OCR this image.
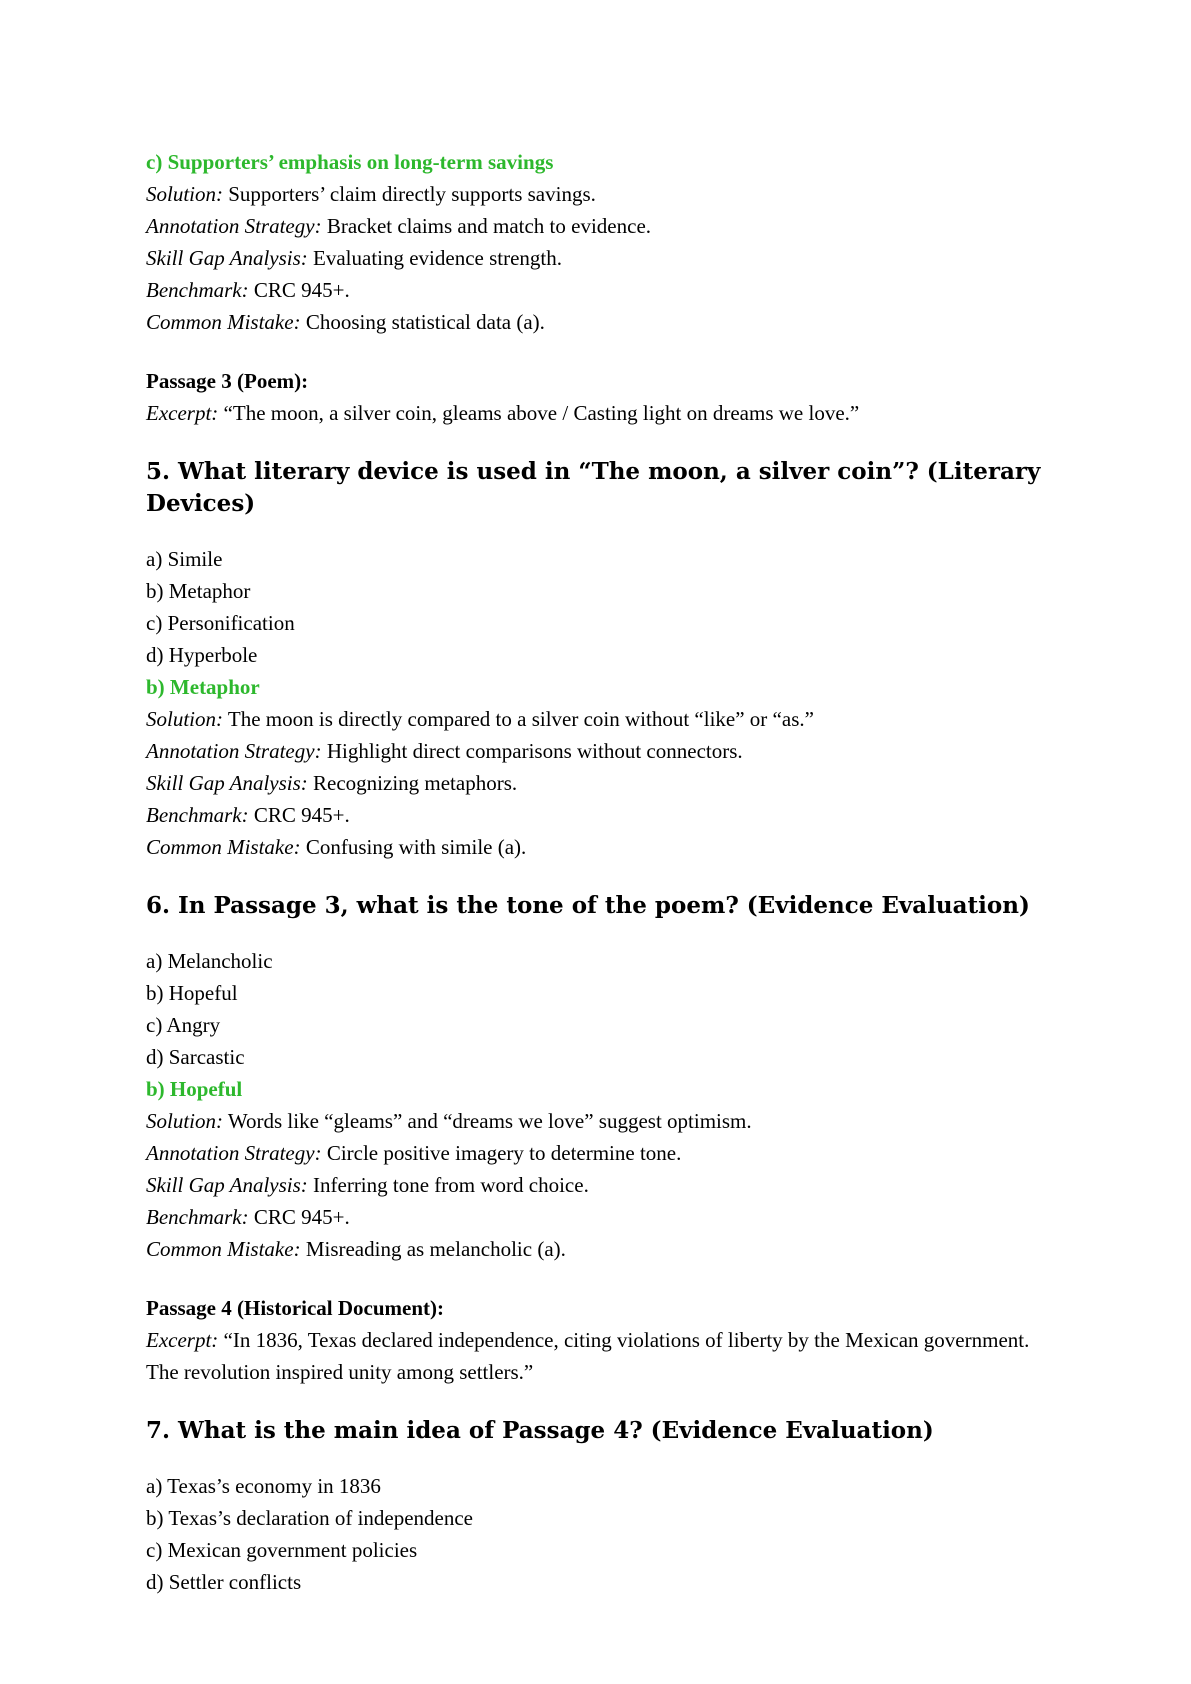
c) Supporters’ emphasis on long-term savings

Solution: Supporters’ claim directly supports savings.

Annotation Strategy: Bracket claims and match to evidence.

Skill Gap Analysis: Evaluating evidence strength.

Benchmark: CRC 945+.

Common Mistake: Choosing statistical data (a).

Passage 3 (Poem):

Excerpt: “The moon, a silver coin, gleams above / Casting light on dreams we love.”

5. What literary device is used in “The moon, a silver coin”? (Literary Devices)

a) Simile

b) Metaphor

c) Personification

d) Hyperbole

b) Metaphor

Solution: The moon is directly compared to a silver coin without “like” or “as.”

Annotation Strategy: Highlight direct comparisons without connectors.

Skill Gap Analysis: Recognizing metaphors.

Benchmark: CRC 945+.

Common Mistake: Confusing with simile (a).

6. In Passage 3, what is the tone of the poem? (Evidence Evaluation)

a) Melancholic

b) Hopeful

c) Angry

d) Sarcastic

b) Hopeful

Solution: Words like “gleams” and “dreams we love” suggest optimism.

Annotation Strategy: Circle positive imagery to determine tone.

Skill Gap Analysis: Inferring tone from word choice.

Benchmark: CRC 945+.

Common Mistake: Misreading as melancholic (a).

Passage 4 (Historical Document):

Excerpt: “In 1836, Texas declared independence, citing violations of liberty by the Mexican government. The revolution inspired unity among settlers.”

7. What is the main idea of Passage 4? (Evidence Evaluation)

a) Texas’s economy in 1836

b) Texas’s declaration of independence

c) Mexican government policies

d) Settler conflicts
